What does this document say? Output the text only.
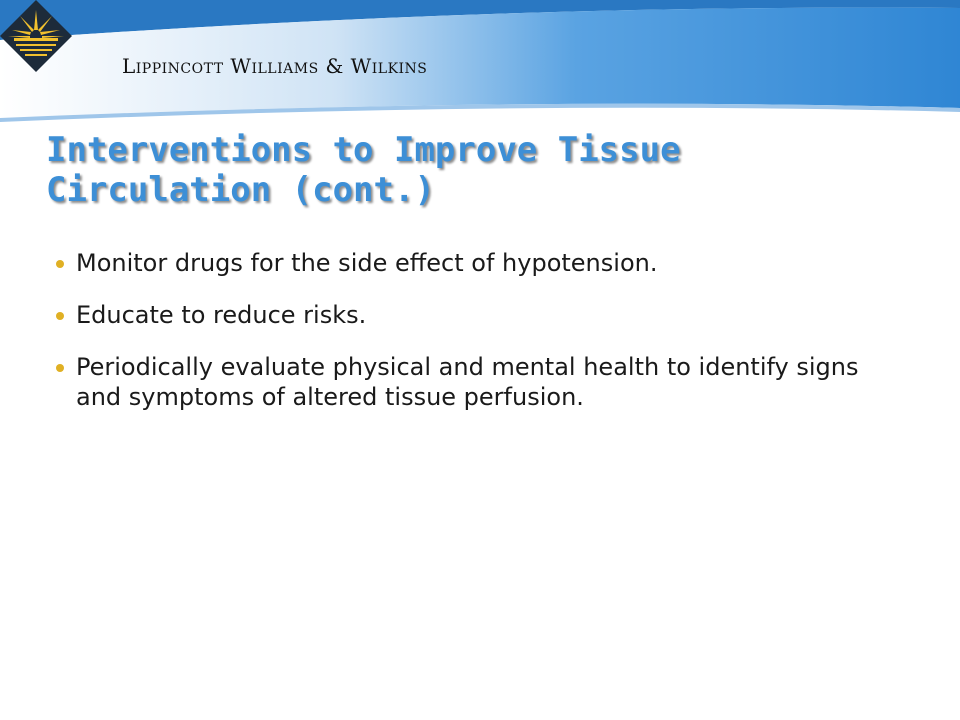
Lippincott Williams & Wilkins
Interventions to Improve Tissue Circulation (cont.)
Monitor drugs for the side effect of hypotension.
Educate to reduce risks.
Periodically evaluate physical and mental health to identify signs and symptoms of altered tissue perfusion.
